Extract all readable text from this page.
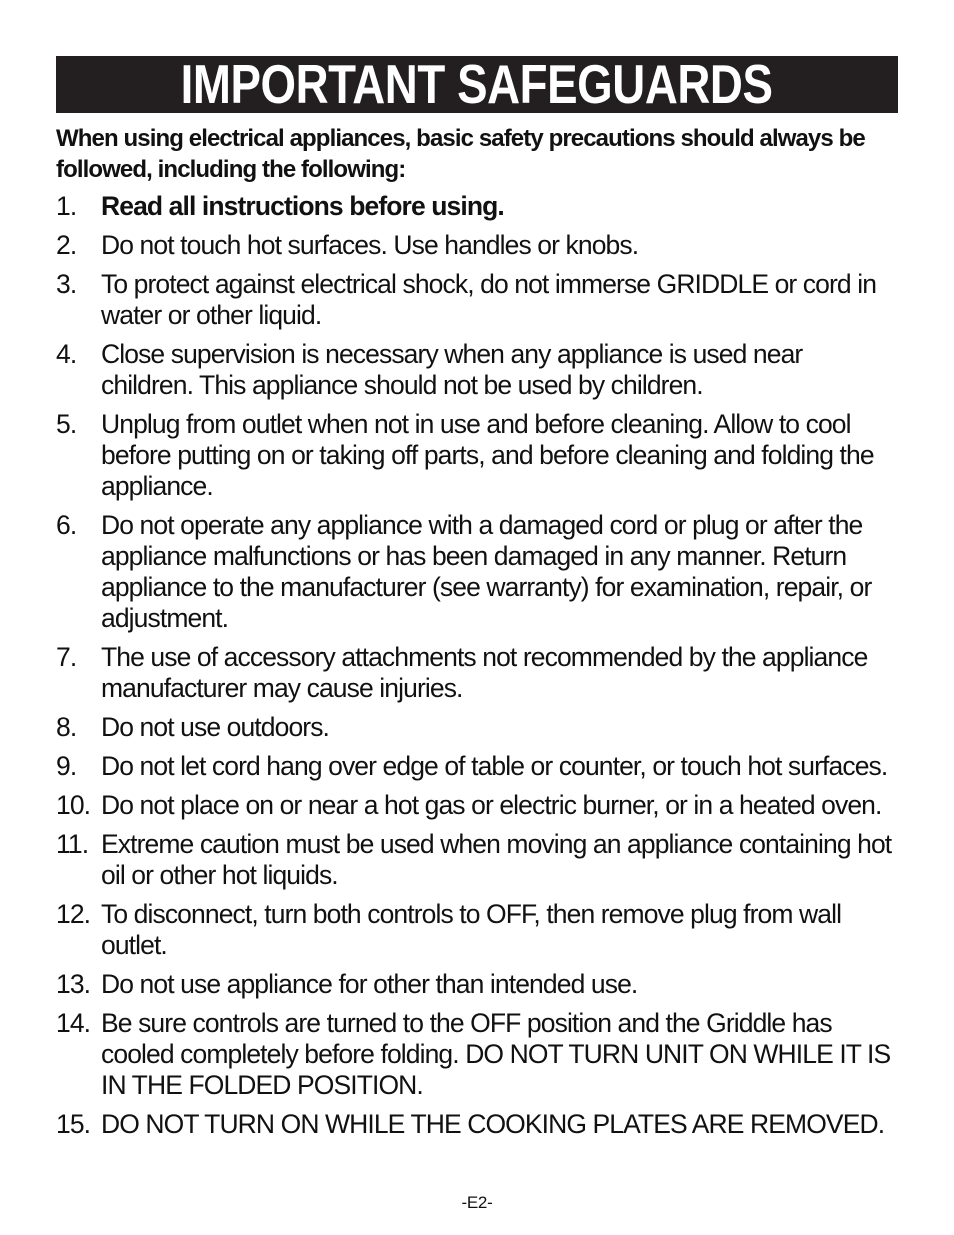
IMPORTANT SAFEGUARDS

When using electrical appliances, basic safety precautions should always be followed, including the following:

1. Read all instructions before using.
2. Do not touch hot surfaces. Use handles or knobs.
3. To protect against electrical shock, do not immerse GRIDDLE or cord in water or other liquid.
4. Close supervision is necessary when any appliance is used near children. This appliance should not be used by children.
5. Unplug from outlet when not in use and before cleaning. Allow to cool before putting on or taking off parts, and before cleaning and folding the appliance.
6. Do not operate any appliance with a damaged cord or plug or after the appliance malfunctions or has been damaged in any manner. Return appliance to the manufacturer (see warranty) for examination, repair, or adjustment.
7. The use of accessory attachments not recommended by the appliance manufacturer may cause injuries.
8. Do not use outdoors.
9. Do not let cord hang over edge of table or counter, or touch hot surfaces.
10. Do not place on or near a hot gas or electric burner, or in a heated oven.
11. Extreme caution must be used when moving an appliance containing hot oil or other hot liquids.
12. To disconnect, turn both controls to OFF, then remove plug from wall outlet.
13. Do not use appliance for other than intended use.
14. Be sure controls are turned to the OFF position and the Griddle has cooled completely before folding. DO NOT TURN UNIT ON WHILE IT IS IN THE FOLDED POSITION.
15. DO NOT TURN ON WHILE THE COOKING PLATES ARE REMOVED.
-E2-
